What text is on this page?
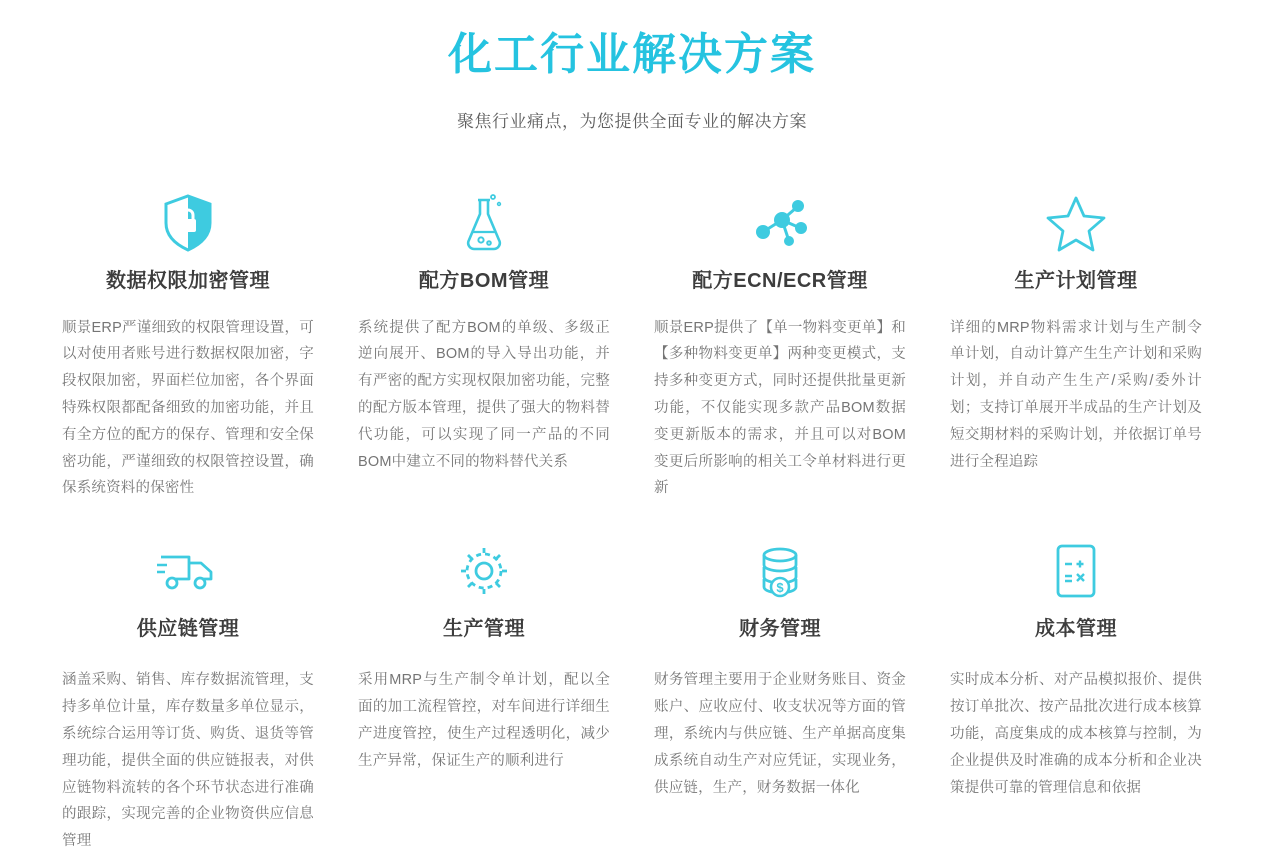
化工行业解决方案

聚焦行业痛点，为您提供全面专业的解决方案

数据权限加密管理

顺景ERP严谨细致的权限管理设置，可以对使用者账号进行数据权限加密，字段权限加密，界面栏位加密，各个界面特殊权限都配备细致的加密功能，并且有全方位的配方的保存、管理和安全保密功能，严谨细致的权限管控设置，确保系统资料的保密性

配方BOM管理

系统提供了配方BOM的单级、多级正逆向展开、BOM的导入导出功能，并有严密的配方实现权限加密功能，完整的配方版本管理，提供了强大的物料替代功能，可以实现了同一产品的不同BOM中建立不同的物料替代关系

配方ECN/ECR管理

顺景ERP提供了【单一物料变更单】和【多种物料变更单】两种变更模式，支持多种变更方式，同时还提供批量更新功能，不仅能实现多款产品BOM数据变更新版本的需求，并且可以对BOM变更后所影响的相关工令单材料进行更新

生产计划管理

详细的MRP物料需求计划与生产制令单计划，自动计算产生生产计划和采购计划，并自动产生生产/采购/委外计划；支持订单展开半成品的生产计划及短交期材料的采购计划，并依据订单号进行全程追踪

供应链管理

涵盖采购、销售、库存数据流管理，支持多单位计量，库存数量多单位显示，系统综合运用等订货、购货、退货等管理功能，提供全面的供应链报表，对供应链物料流转的各个环节状态进行准确的跟踪，实现完善的企业物资供应信息管理

生产管理

采用MRP与生产制令单计划，配以全面的加工流程管控，对车间进行详细生产进度管控，使生产过程透明化，减少生产异常，保证生产的顺利进行

$
财务管理

财务管理主要用于企业财务账目、资金账户、应收应付、收支状况等方面的管理，系统内与供应链、生产单据高度集成系统自动生产对应凭证，实现业务，供应链，生产，财务数据一体化

成本管理

实时成本分析、对产品模拟报价、提供按订单批次、按产品批次进行成本核算功能，高度集成的成本核算与控制，为企业提供及时准确的成本分析和企业决策提供可靠的管理信息和依据
